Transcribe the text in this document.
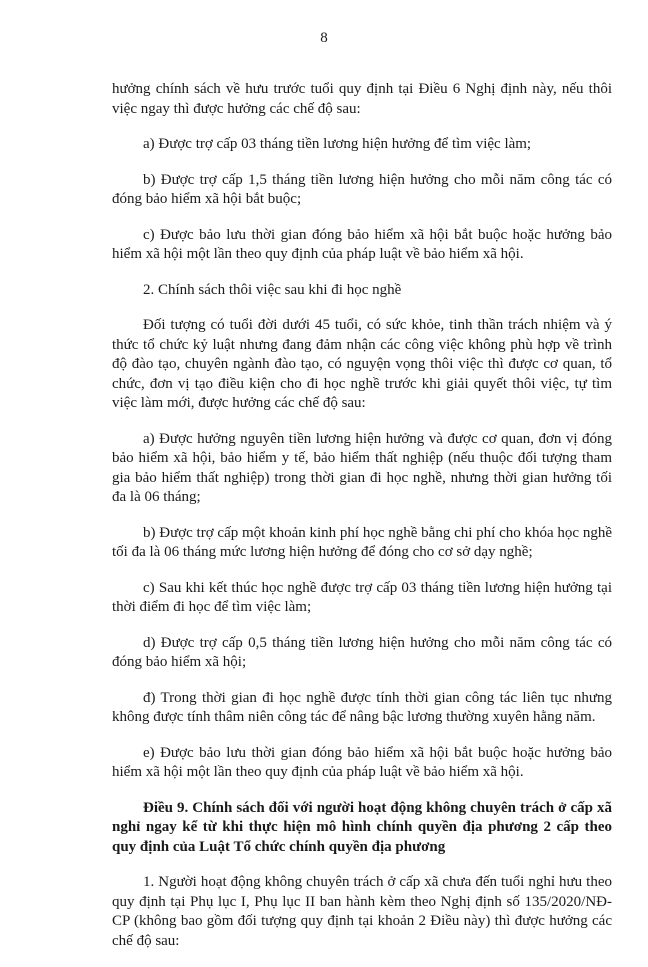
8

hưởng chính sách về hưu trước tuổi quy định tại Điều 6 Nghị định này, nếu thôi việc ngay thì được hưởng các chế độ sau:

a) Được trợ cấp 03 tháng tiền lương hiện hưởng để tìm việc làm;

b) Được trợ cấp 1,5 tháng tiền lương hiện hưởng cho mỗi năm công tác có đóng bảo hiểm xã hội bắt buộc;

c) Được bảo lưu thời gian đóng bảo hiểm xã hội bắt buộc hoặc hưởng bảo hiểm xã hội một lần theo quy định của pháp luật về bảo hiểm xã hội.

2. Chính sách thôi việc sau khi đi học nghề

Đối tượng có tuổi đời dưới 45 tuổi, có sức khỏe, tinh thần trách nhiệm và ý thức tổ chức kỷ luật nhưng đang đảm nhận các công việc không phù hợp về trình độ đào tạo, chuyên ngành đào tạo, có nguyện vọng thôi việc thì được cơ quan, tổ chức, đơn vị tạo điều kiện cho đi học nghề trước khi giải quyết thôi việc, tự tìm việc làm mới, được hưởng các chế độ sau:

a) Được hưởng nguyên tiền lương hiện hưởng và được cơ quan, đơn vị đóng bảo hiểm xã hội, bảo hiểm y tế, bảo hiểm thất nghiệp (nếu thuộc đối tượng tham gia bảo hiểm thất nghiệp) trong thời gian đi học nghề, nhưng thời gian hưởng tối đa là 06 tháng;

b) Được trợ cấp một khoản kinh phí học nghề bằng chi phí cho khóa học nghề tối đa là 06 tháng mức lương hiện hưởng để đóng cho cơ sở dạy nghề;

c) Sau khi kết thúc học nghề được trợ cấp 03 tháng tiền lương hiện hưởng tại thời điểm đi học để tìm việc làm;

d) Được trợ cấp 0,5 tháng tiền lương hiện hưởng cho mỗi năm công tác có đóng bảo hiểm xã hội;

đ) Trong thời gian đi học nghề được tính thời gian công tác liên tục nhưng không được tính thâm niên công tác để nâng bậc lương thường xuyên hằng năm.

e) Được bảo lưu thời gian đóng bảo hiểm xã hội bắt buộc hoặc hưởng bảo hiểm xã hội một lần theo quy định của pháp luật về bảo hiểm xã hội.

Điều 9. Chính sách đối với người hoạt động không chuyên trách ở cấp xã nghỉ ngay kể từ khi thực hiện mô hình chính quyền địa phương 2 cấp theo quy định của Luật Tổ chức chính quyền địa phương

1. Người hoạt động không chuyên trách ở cấp xã chưa đến tuổi nghỉ hưu theo quy định tại Phụ lục I, Phụ lục II ban hành kèm theo Nghị định số 135/2020/NĐ-CP (không bao gồm đối tượng quy định tại khoản 2 Điều này) thì được hưởng các chế độ sau:
